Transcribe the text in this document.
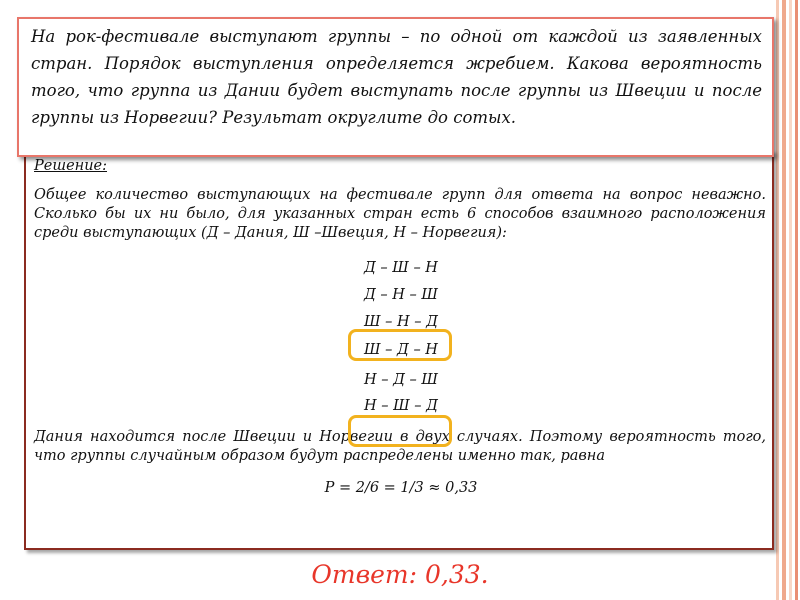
Решение:

Общее количество выступающих на фестивале групп для ответа на вопрос неважно. Сколько бы их ни было, для указанных стран есть 6 способов взаимного расположения среди выступающих (Д – Дания, Ш –Швеция, Н – Норвегия):

Д – Ш – Н
Д – Н – Ш
Ш – Н – Д
Ш – Д – Н
Н – Д – Ш
Н – Ш – Д

Дания находится после Швеции и Норвегии в двух случаях. Поэтому вероятность того, что группы случайным образом будут распределены именно так, равна

Р = 2/6 = 1/3 ≈ 0,33

На рок-фестивале выступают группы – по одной от каждой из заявленных стран. Порядок выступления определяется жребием. Какова вероятность того, что группа из Дании будет выступать после группы из Швеции и после группы из Норвегии? Результат округлите до сотых.

Ответ: 0,33.
